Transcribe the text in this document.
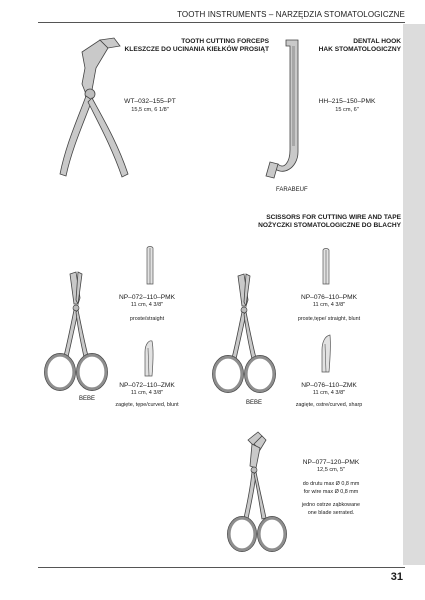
TOOTH INSTRUMENTS – NARZĘDZIA STOMATOLOGICZNE
31
TOOTH CUTTING FORCEPS
KLESZCZE DO UCINANIA KIEŁKÓW PROSIĄT
WT–032–155–PT
15,5 cm, 6 1/8"
FARABEUF
DENTAL HOOK
HAK STOMATOLOGICZNY
HH–215–150–PMK
15 cm, 6"
SCISSORS FOR CUTTING WIRE AND TAPE
NOŻYCZKI STOMATOLOGICZNE DO BLACHY
BEBE
NP–072–110–PMK
11 cm, 4 3/8"
proste/straight
NP–072–110–ZMK
11 cm, 4 3/8"
zagięte, tępe/curved, blunt	BEBE
NP–076–110–PMK
11 cm, 4 3/8"
proste,tępe/ straight, blunt
NP–076–110–ZMK
11 cm, 4 3/8"
zagięte, ostre/curved, sharp
NP–077–120–PMK
12,5 cm, 5"
do drutu max Ø 0,8 mm
for wire max Ø 0,8 mm
jedno ostrze ząbkowane
one blade serrated.
